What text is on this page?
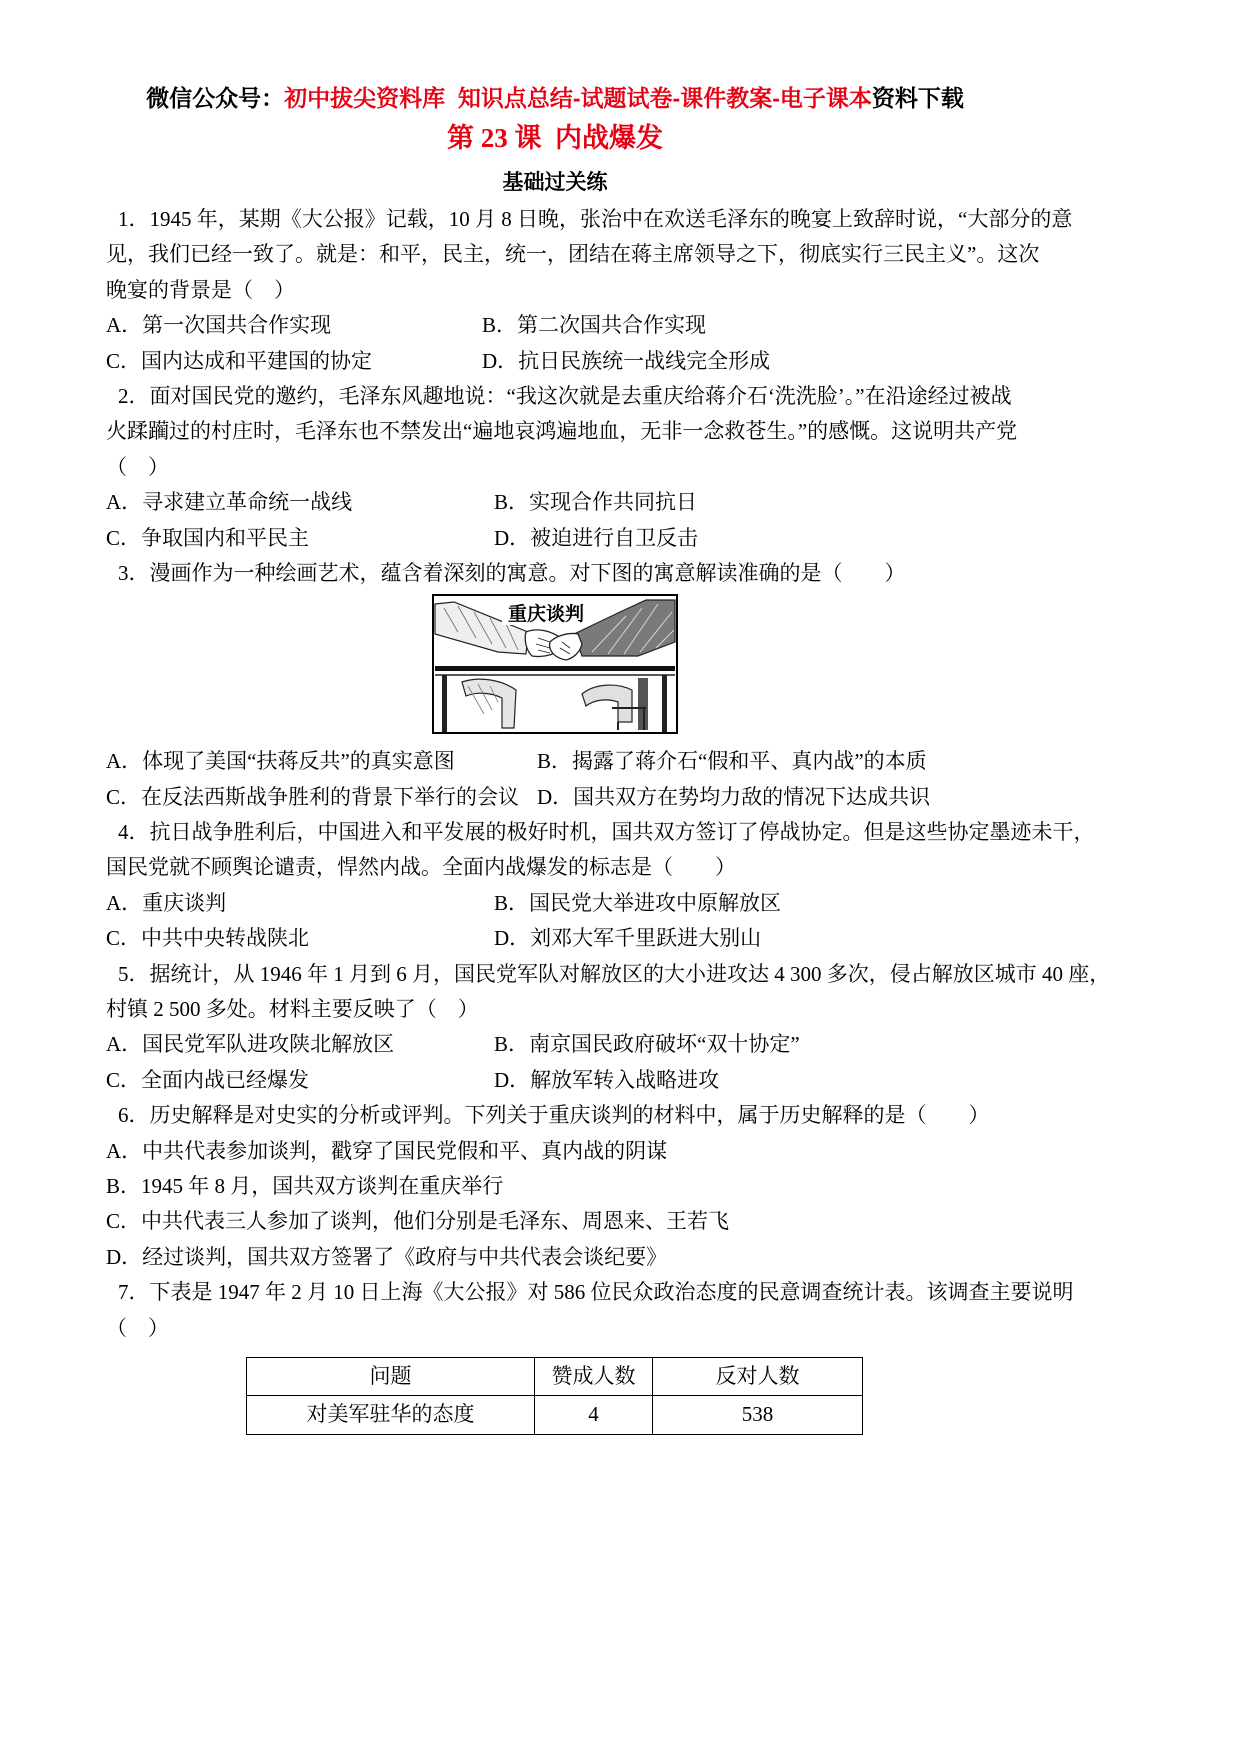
微信公众号：初中拔尖资料库  知识点总结-试题试卷-课件教案-电子课本资料下载
第 23 课  内战爆发
基础过关练
1．1945 年，某期《大公报》记载，10 月 8 日晚，张治中在欢送毛泽东的晚宴上致辞时说，“大部分的意
见，我们已经一致了。就是：和平，民主，统一，团结在蒋主席领导之下，彻底实行三民主义”。这次
晚宴的背景是（    ）
A．第一次国共合作实现	B．第二次国共合作实现
C．国内达成和平建国的协定	D．抗日民族统一战线完全形成
2．面对国民党的邀约，毛泽东风趣地说：“我这次就是去重庆给蒋介石‘洗洗脸’。”在沿途经过被战
火蹂躏过的村庄时，毛泽东也不禁发出“遍地哀鸿遍地血，无非一念救苍生。”的感慨。这说明共产党
（    ）
A．寻求建立革命统一战线	B．实现合作共同抗日
C．争取国内和平民主	D．被迫进行自卫反击
3．漫画作为一种绘画艺术，蕴含着深刻的寓意。对下图的寓意解读准确的是（        ）
重庆谈判
A．体现了美国“扶蒋反共”的真实意图	B．揭露了蒋介石“假和平、真内战”的本质
C．在反法西斯战争胜利的背景下举行的会议 D．国共双方在势均力敌的情况下达成共识
4．抗日战争胜利后，中国进入和平发展的极好时机，国共双方签订了停战协定。但是这些协定墨迹未干，
国民党就不顾舆论谴责，悍然内战。全面内战爆发的标志是（        ）
A．重庆谈判	B．国民党大举进攻中原解放区
C．中共中央转战陕北	D．刘邓大军千里跃进大别山
5．据统计，从 1946 年 1 月到 6 月，国民党军队对解放区的大小进攻达 4 300 多次，侵占解放区城市 40 座，
村镇 2 500 多处。材料主要反映了（    ）
A．国民党军队进攻陕北解放区	B．南京国民政府破坏“双十协定”
C．全面内战已经爆发	D．解放军转入战略进攻
6．历史解释是对史实的分析或评判。下列关于重庆谈判的材料中，属于历史解释的是（        ）
A．中共代表参加谈判，戳穿了国民党假和平、真内战的阴谋
B．1945 年 8 月，国共双方谈判在重庆举行
C．中共代表三人参加了谈判，他们分别是毛泽东、周恩来、王若飞
D．经过谈判，国共双方签署了《政府与中共代表会谈纪要》
7．下表是 1947 年 2 月 10 日上海《大公报》对 586 位民众政治态度的民意调查统计表。该调查主要说明
（    ）
问题	赞成人数	反对人数
对美军驻华的态度	4	538
